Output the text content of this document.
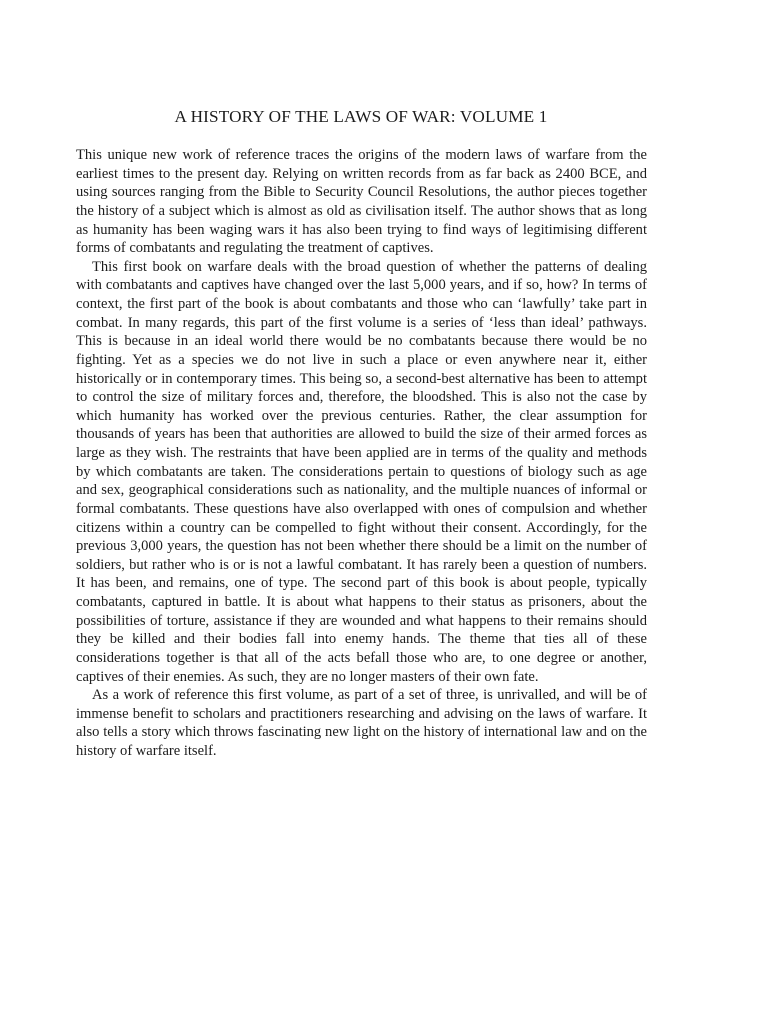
A HISTORY OF THE LAWS OF WAR: VOLUME 1

This unique new work of reference traces the origins of the modern laws of warfare from the earliest times to the present day. Relying on written records from as far back as 2400 BCE, and using sources ranging from the Bible to Security Council Resolutions, the author pieces together the history of a subject which is almost as old as civilisation itself. The author shows that as long as humanity has been waging wars it has also been trying to find ways of legitimising different forms of combatants and regulating the treatment of captives.

This first book on warfare deals with the broad question of whether the patterns of dealing with combatants and captives have changed over the last 5,000 years, and if so, how? In terms of context, the first part of the book is about combatants and those who can ‘lawfully’ take part in combat. In many regards, this part of the first volume is a series of ‘less than ideal’ pathways. This is because in an ideal world there would be no combatants because there would be no fighting. Yet as a species we do not live in such a place or even anywhere near it, either historically or in contemporary times. This being so, a second-best alternative has been to attempt to control the size of military forces and, therefore, the bloodshed. This is also not the case by which humanity has worked over the previous centuries. Rather, the clear assumption for thousands of years has been that authorities are allowed to build the size of their armed forces as large as they wish. The restraints that have been applied are in terms of the quality and methods by which combatants are taken. The considerations pertain to questions of biology such as age and sex, geographical considerations such as nationality, and the multiple nuances of informal or formal combatants. These questions have also overlapped with ones of compulsion and whether citizens within a country can be compelled to fight without their consent. Accordingly, for the previous 3,000 years, the question has not been whether there should be a limit on the number of soldiers, but rather who is or is not a lawful combatant. It has rarely been a question of numbers. It has been, and remains, one of type. The second part of this book is about people, typically combatants, captured in battle. It is about what happens to their status as prisoners, about the possibilities of torture, assistance if they are wounded and what happens to their remains should they be killed and their bodies fall into enemy hands. The theme that ties all of these considerations together is that all of the acts befall those who are, to one degree or another, captives of their enemies. As such, they are no longer masters of their own fate.

As a work of reference this first volume, as part of a set of three, is unrivalled, and will be of immense benefit to scholars and practitioners researching and advising on the laws of warfare. It also tells a story which throws fascinating new light on the history of international law and on the history of warfare itself.
